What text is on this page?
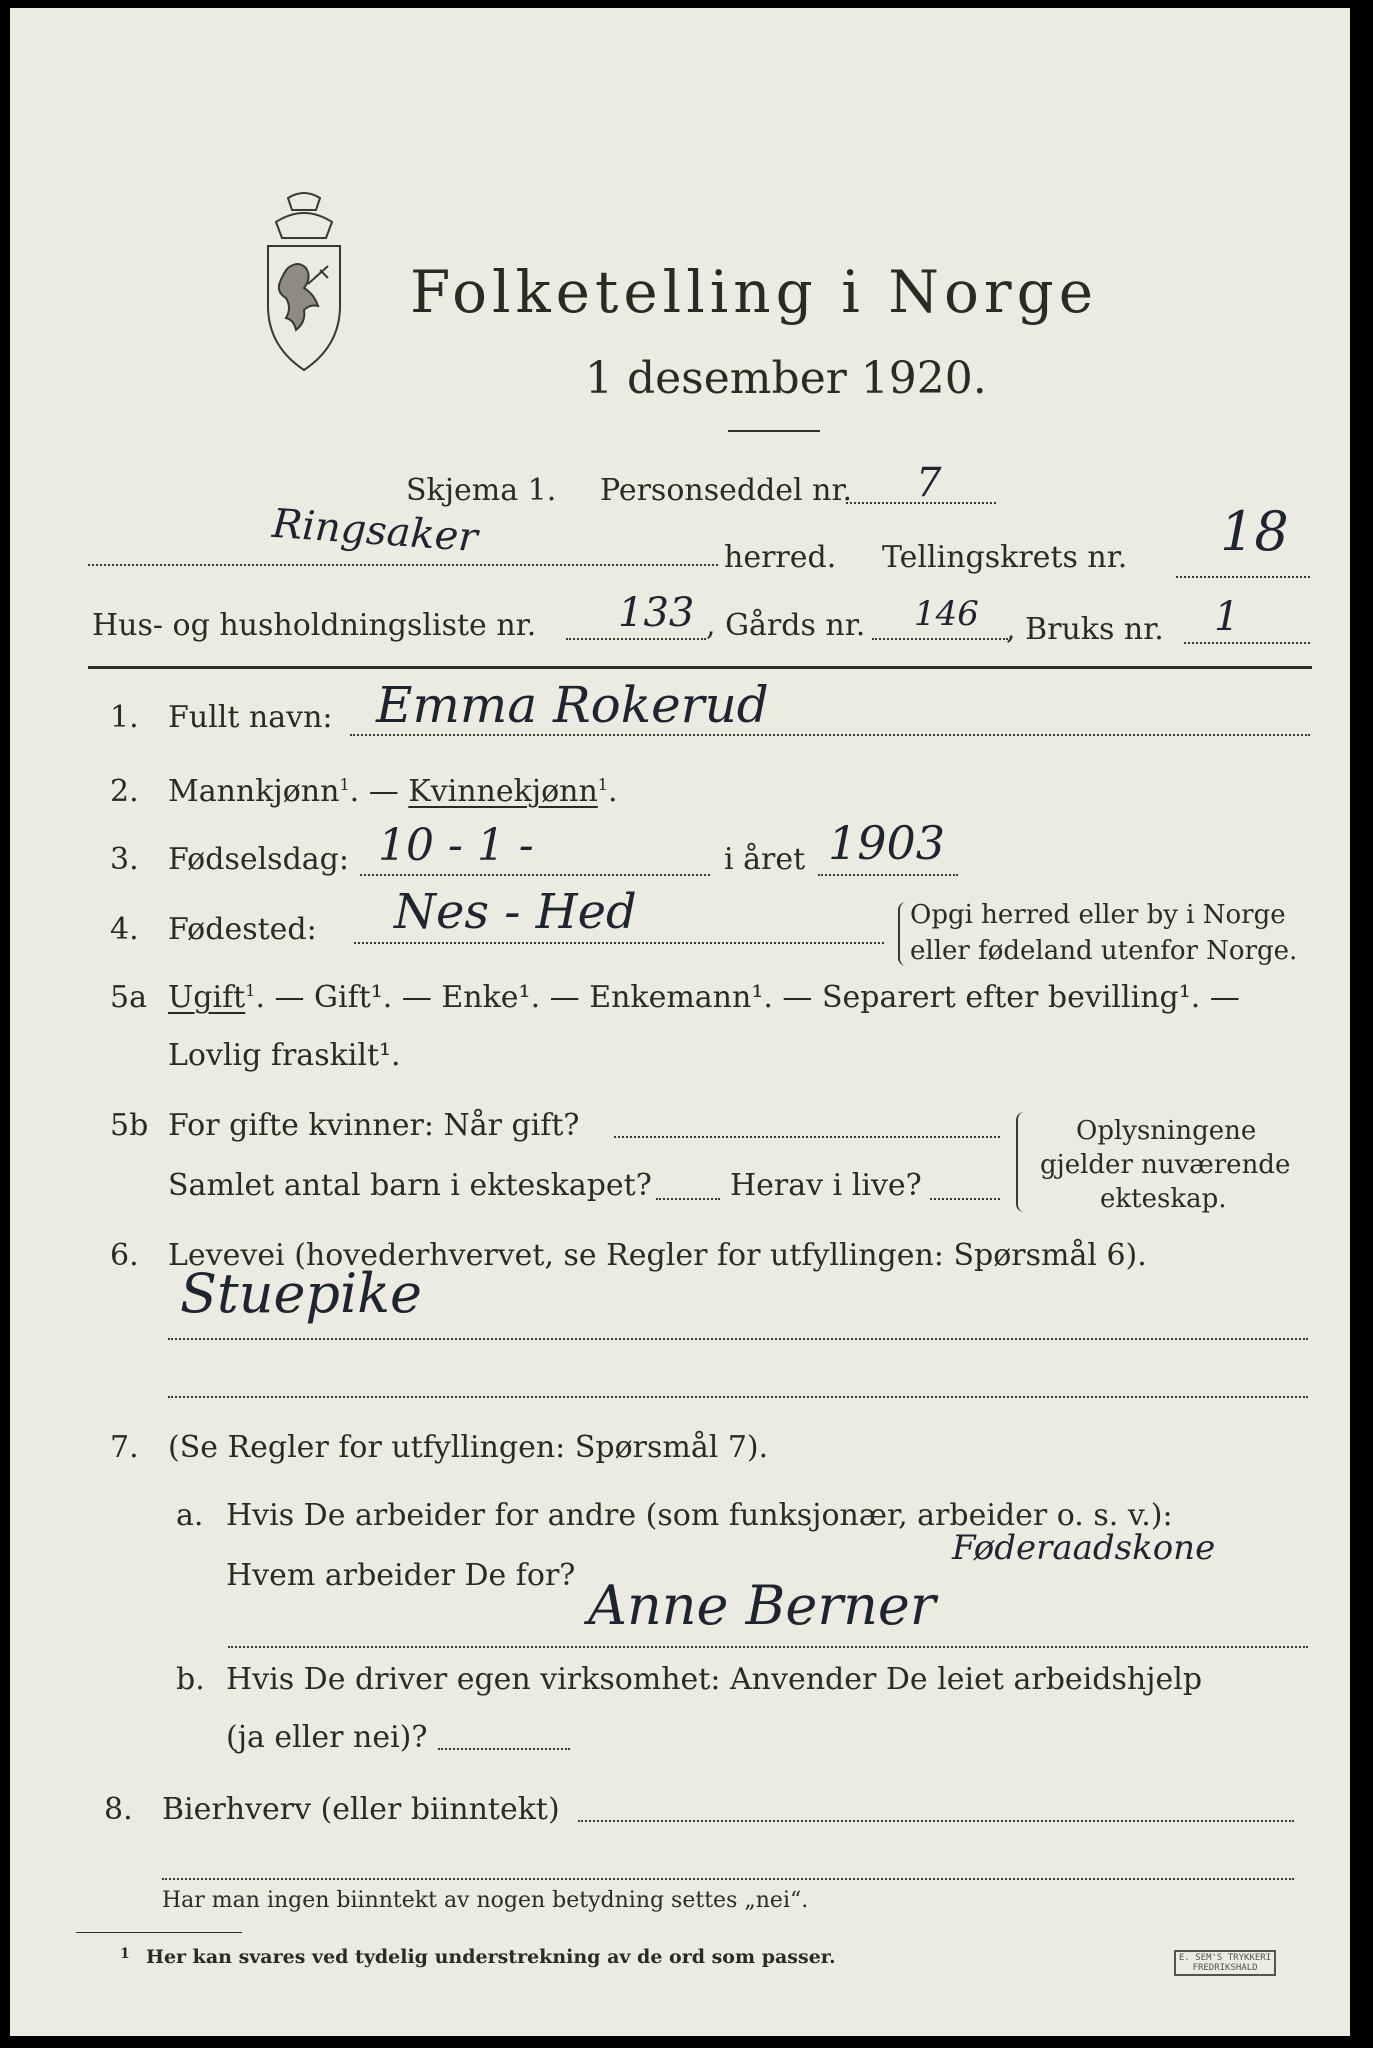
Folketelling i Norge
1 desember 1920.
Skjema 1. Personseddel nr. 7
Ringsaker	herred. Tellingskrets nr. 18
Hus- og husholdningsliste nr. 133 , Gårds nr. 146 , Bruks nr. 1
1. Fullt navn: Emma Rokerud
2. Mannkjønn$^1$. — Kvinnekjønn$^1$.
3. Fødselsdag: 10 - 1 -	i året 1903
4. Fødested: Nes - Hed	Opgi herred eller by i Norge
eller fødeland utenfor Norge.
5a Ugift$^1$. — Gift¹. — Enke¹. — Enkemann¹. — Separert efter bevilling¹. —
Lovlig fraskilt¹.
5b For gifte kvinner: Når gift?
Samlet antal barn i ekteskapet?	Herav i live?
Oplysningene
gjelder nuværende
ekteskap.
6. Levevei (hovederhvervet, se Regler for utfyllingen: Spørsmål 6).
Stuepike
7. (Se Regler for utfyllingen: Spørsmål 7).
a. Hvis De arbeider for andre (som funksjonær, arbeider o. s. v.):
Hvem arbeider De for?
Føderaadskone
Anne Berner
b. Hvis De driver egen virksomhet: Anvender De leiet arbeidshjelp
(ja eller nei)?
8. Bierhverv (eller biinntekt)
Har man ingen biinntekt av nogen betydning settes „nei“.
1 Her kan svares ved tydelig understrekning av de ord som passer.	E. SEM'S TRYKKERI
FREDRIKSHALD
